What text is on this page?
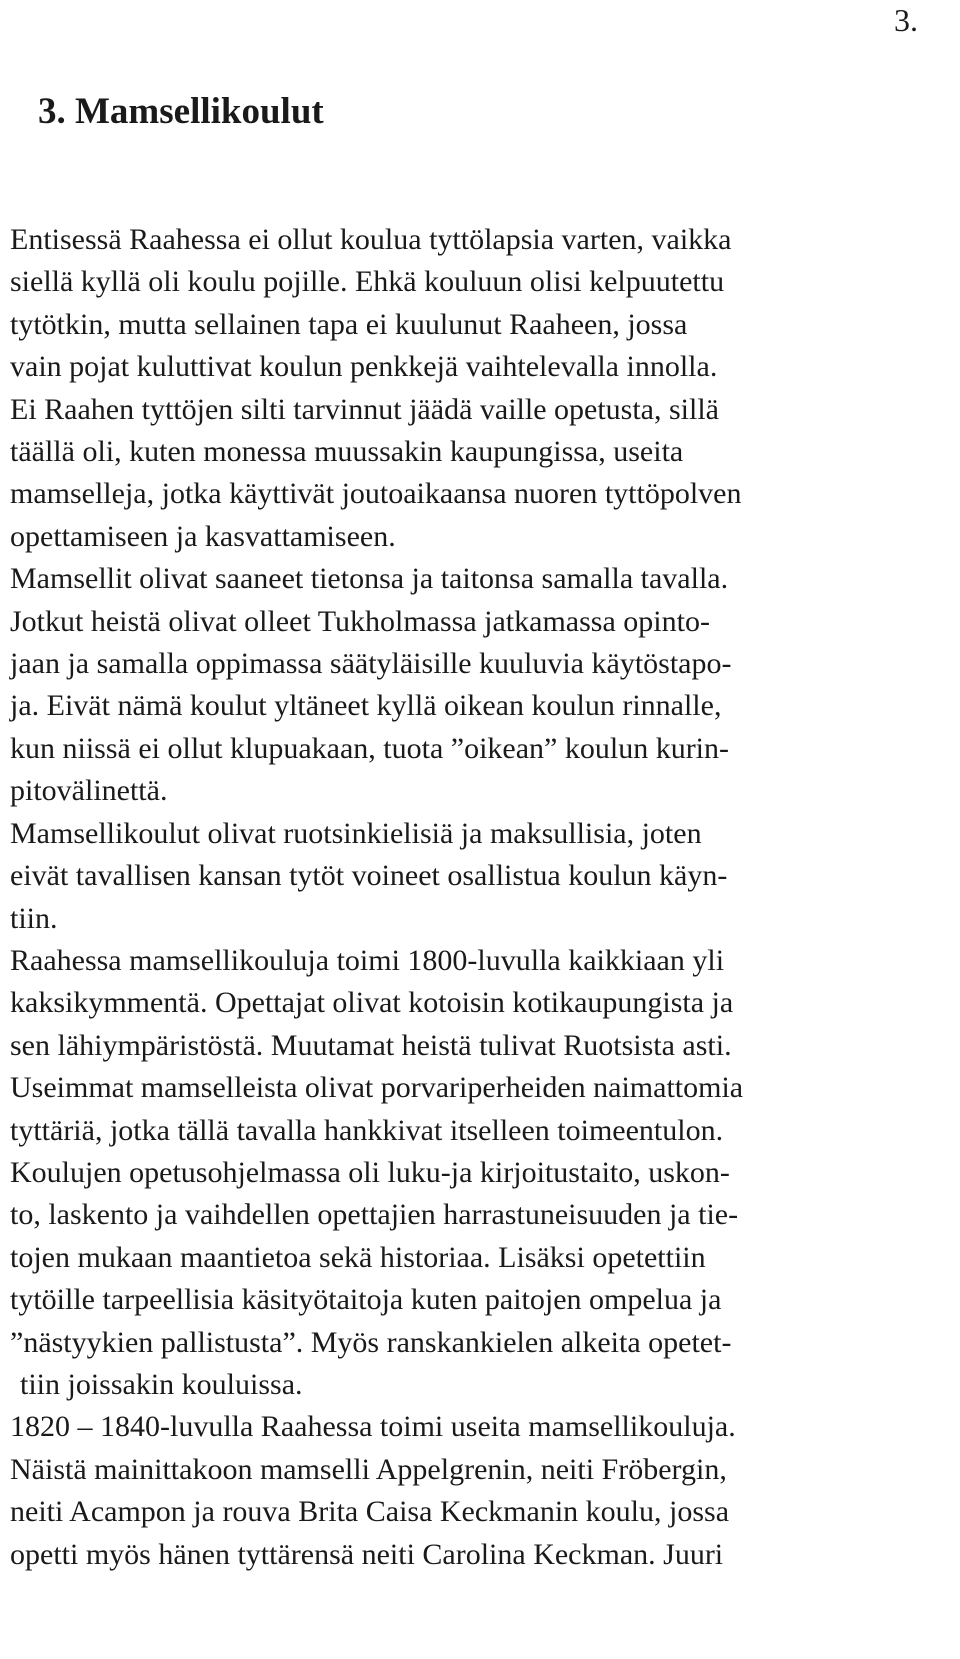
3.
3. Mamsellikoulut
Entisessä Raahessa ei ollut koulua tyttölapsia varten, vaikka
siellä kyllä oli koulu pojille. Ehkä kouluun olisi kelpuutettu
tytötkin, mutta sellainen tapa ei kuulunut Raaheen, jossa
vain pojat kuluttivat koulun penkkejä vaihtelevalla innolla.
Ei Raahen tyttöjen silti tarvinnut jäädä vaille opetusta, sillä
täällä oli, kuten monessa muussakin kaupungissa, useita
mamselleja, jotka käyttivät joutoaikaansa nuoren tyttöpolven
opettamiseen ja kasvattamiseen.
Mamsellit olivat saaneet tietonsa ja taitonsa samalla tavalla.
Jotkut heistä olivat olleet Tukholmassa jatkamassa opinto-
jaan ja samalla oppimassa säätyläisille kuuluvia käytöstapo-
ja. Eivät nämä koulut yltäneet kyllä oikean koulun rinnalle,
kun niissä ei ollut klupuakaan, tuota ”oikean” koulun kurin-
pitovälinettä.
Mamsellikoulut olivat ruotsinkielisiä ja maksullisia, joten
eivät tavallisen kansan tytöt voineet osallistua koulun käyn-
tiin.
Raahessa mamsellikouluja toimi 1800-luvulla kaikkiaan yli
kaksikymmentä. Opettajat olivat kotoisin kotikaupungista ja
sen lähiympäristöstä. Muutamat heistä tulivat Ruotsista asti.
Useimmat mamselleista olivat porvariperheiden naimattomia
tyttäriä, jotka tällä tavalla hankkivat itselleen toimeentulon.
Koulujen opetusohjelmassa oli luku-ja kirjoitustaito, uskon-
to, laskento ja vaihdellen opettajien harrastuneisuuden ja tie-
tojen mukaan maantietoa sekä historiaa. Lisäksi opetettiin
tytöille tarpeellisia käsityötaitoja kuten paitojen ompelua ja
”nästyykien pallistusta”. Myös ranskankielen alkeita opetet-
tiin joissakin kouluissa.
1820 – 1840-luvulla Raahessa toimi useita mamsellikouluja.
Näistä mainittakoon mamselli Appelgrenin, neiti Fröbergin,
neiti Acampon ja rouva Brita Caisa Keckmanin koulu, jossa
opetti myös hänen tyttärensä neiti Carolina Keckman. Juuri
